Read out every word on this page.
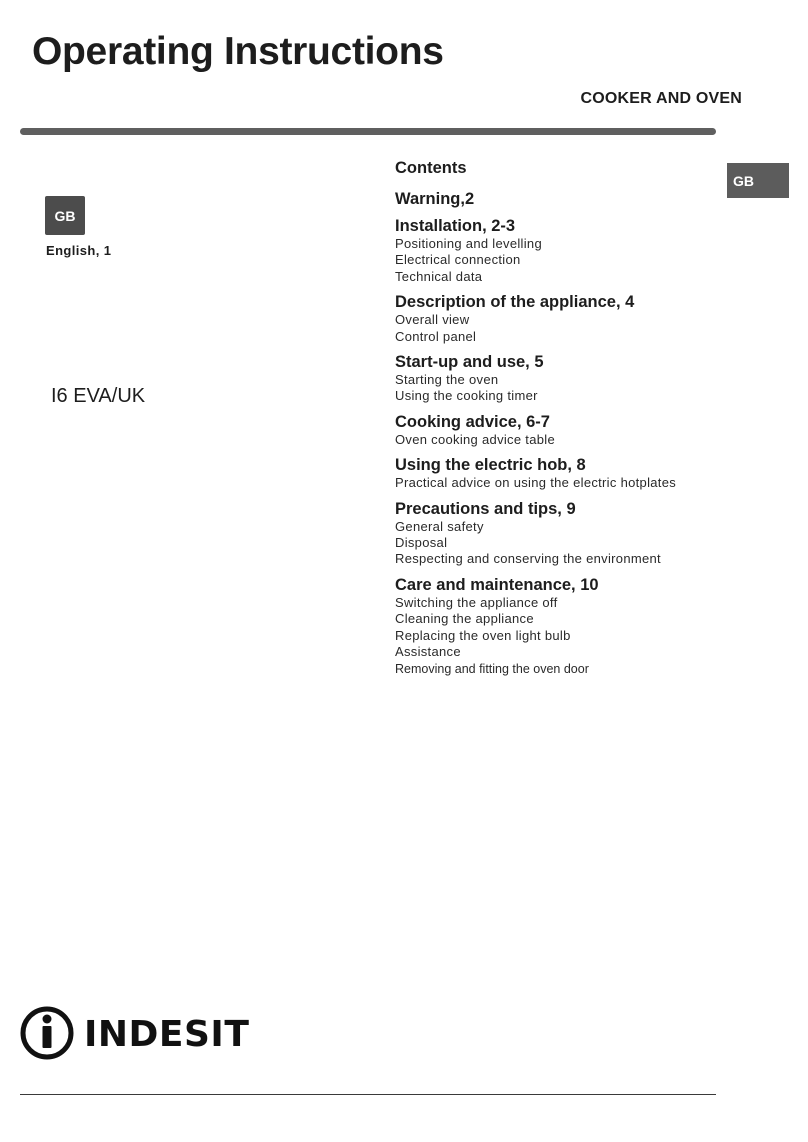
Operating Instructions
COOKER AND OVEN
GB
GB
English, 1
I6 EVA/UK
Contents
Warning,2
Installation, 2-3
Positioning and levelling
Electrical connection
Technical data
Description of the appliance, 4
Overall view
Control panel
Start-up and use, 5
Starting the oven
Using the cooking timer
Cooking advice, 6-7
Oven cooking advice table
Using the electric hob, 8
Practical advice on using the electric hotplates
Precautions and tips, 9
General safety
Disposal
Respecting and conserving the environment
Care and maintenance, 10
Switching the appliance off
Cleaning the appliance
Replacing the oven light bulb
Assistance
Removing and fitting the oven door
INDESIT
